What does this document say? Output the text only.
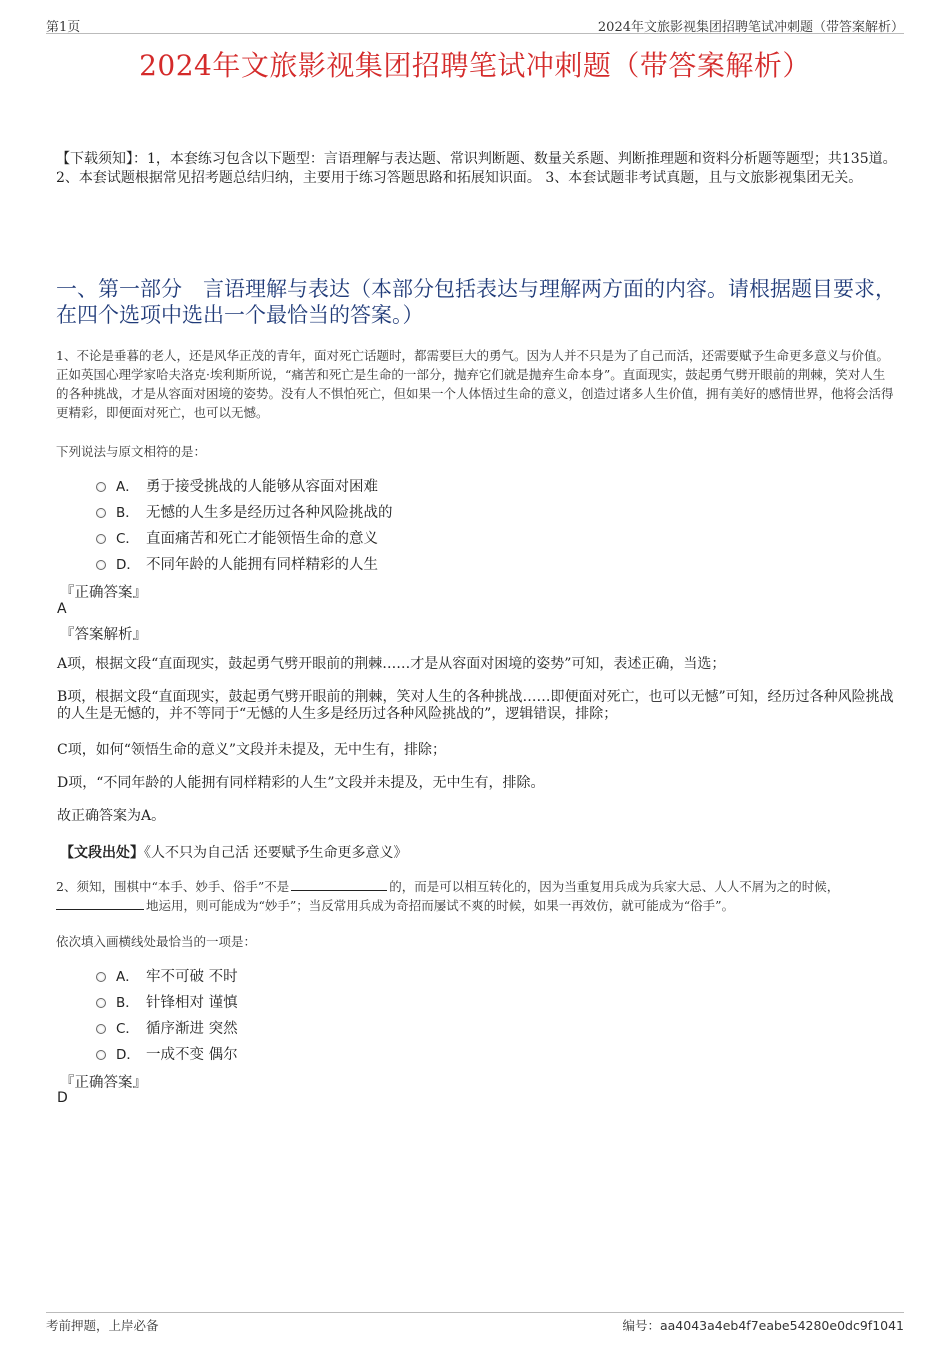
第1页	2024年文旅影视集团招聘笔试冲刺题（带答案解析）
2024年文旅影视集团招聘笔试冲刺题（带答案解析）
【下载须知】：1，本套练习包含以下题型：言语理解与表达题、常识判断题、数量关系题、判断推理题和资料分析题等题型；共135道。 2、本套试题根据常见招考题总结归纳，主要用于练习答题思路和拓展知识面。 3、本套试题非考试真题，且与文旅影视集团无关。
一、第一部分　言语理解与表达（本部分包括表达与理解两方面的内容。请根据题目要求，在四个选项中选出一个最恰当的答案。）
1、不论是垂暮的老人，还是风华正茂的青年，面对死亡话题时，都需要巨大的勇气。因为人并不只是为了自己而活，还需要赋予生命更多意义与价值。正如英国心理学家哈夫洛克·埃利斯所说，“痛苦和死亡是生命的一部分，抛弃它们就是抛弃生命本身”。直面现实，鼓起勇气劈开眼前的荆棘，笑对人生的各种挑战，才是从容面对困境的姿势。没有人不惧怕死亡，但如果一个人体悟过生命的意义，创造过诸多人生价值，拥有美好的感情世界，他将会活得更精彩，即便面对死亡，也可以无憾。
下列说法与原文相符的是：
A． 勇于接受挑战的人能够从容面对困难
B． 无憾的人生多是经历过各种风险挑战的
C． 直面痛苦和死亡才能领悟生命的意义
D． 不同年龄的人能拥有同样精彩的人生
『正确答案』
A
『答案解析』
A项，根据文段“直面现实，鼓起勇气劈开眼前的荆棘……才是从容面对困境的姿势”可知，表述正确，当选；
B项，根据文段“直面现实，鼓起勇气劈开眼前的荆棘，笑对人生的各种挑战……即便面对死亡，也可以无憾”可知，经历过各种风险挑战的人生是无憾的，并不等同于“无憾的人生多是经历过各种风险挑战的”，逻辑错误，排除；
C项，如何“领悟生命的意义”文段并未提及，无中生有，排除；
D项，“不同年龄的人能拥有同样精彩的人生”文段并未提及，无中生有，排除。
故正确答案为A。
【文段出处】《人不只为自己活 还要赋予生命更多意义》
2、须知，围棋中“本手、妙手、俗手”不是	的，而是可以相互转化的，因为当重复用兵成为兵家大忌、人人不屑为之的时候，地运用，则可能成为“妙手”；当反常用兵成为奇招而屡试不爽的时候，如果一再效仿，就可能成为“俗手”。
依次填入画横线处最恰当的一项是：
A． 牢不可破 不时
B． 针锋相对 谨慎
C． 循序渐进 突然
D． 一成不变 偶尔
『正确答案』
D
考前押题，上岸必备	编号：aa4043a4eb4f7eabe54280e0dc9f1041
